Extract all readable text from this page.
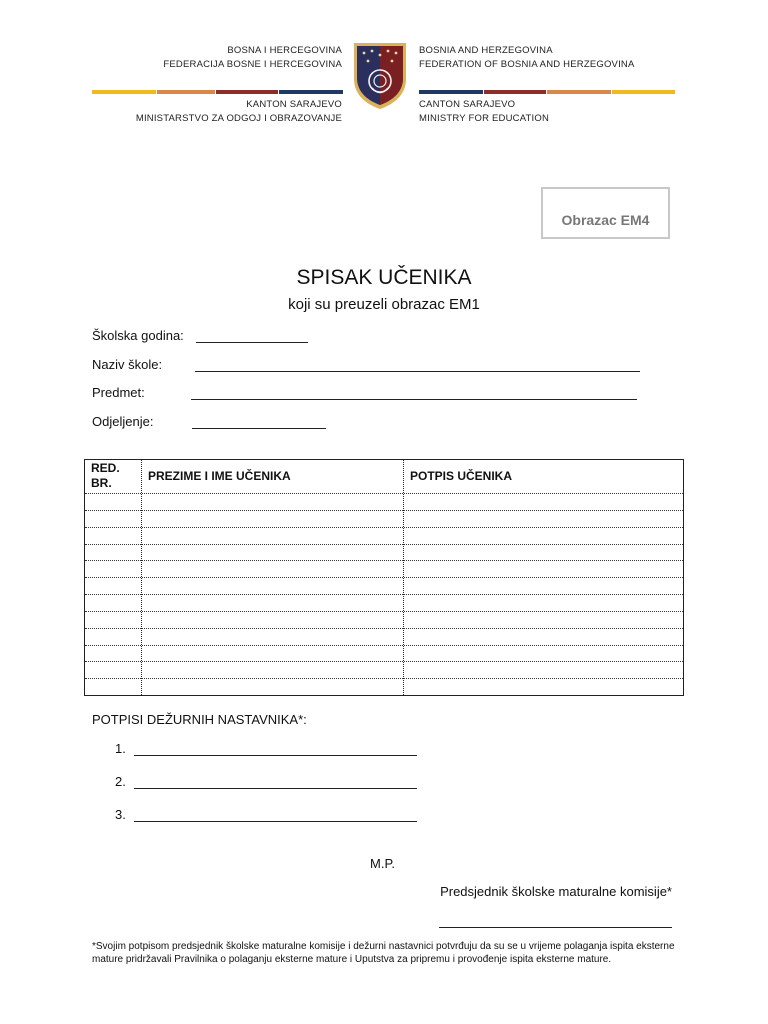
BOSNA I HERCEGOVINA
FEDERACIJA BOSNE I HERCEGOVINA
BOSNIA AND HERZEGOVINA
FEDERATION OF BOSNIA AND HERZEGOVINA
KANTON SARAJEVO
MINISTARSTVO ZA ODGOJ I OBRAZOVANJE
CANTON SARAJEVO
MINISTRY FOR EDUCATION
Obrazac EM4
SPISAK UČENIKA
koji su preuzeli obrazac EM1
Školska godina:
Naziv škole:
Predmet:
Odjeljenje:
RED.
BR.	PREZIME I IME UČENIKA	POTPIS UČENIKA
POTPISI DEŽURNIH NASTAVNIKA*:
1.
2.
3.
M.P.
Predsjednik školske maturalne komisije*
*Svojim potpisom predsjednik školske maturalne komisije i dežurni nastavnici potvrđuju da su se u vrijeme polaganja ispita eksterne mature pridržavali Pravilnika o polaganju eksterne mature i Uputstva za pripremu i provođenje ispita eksterne mature.
